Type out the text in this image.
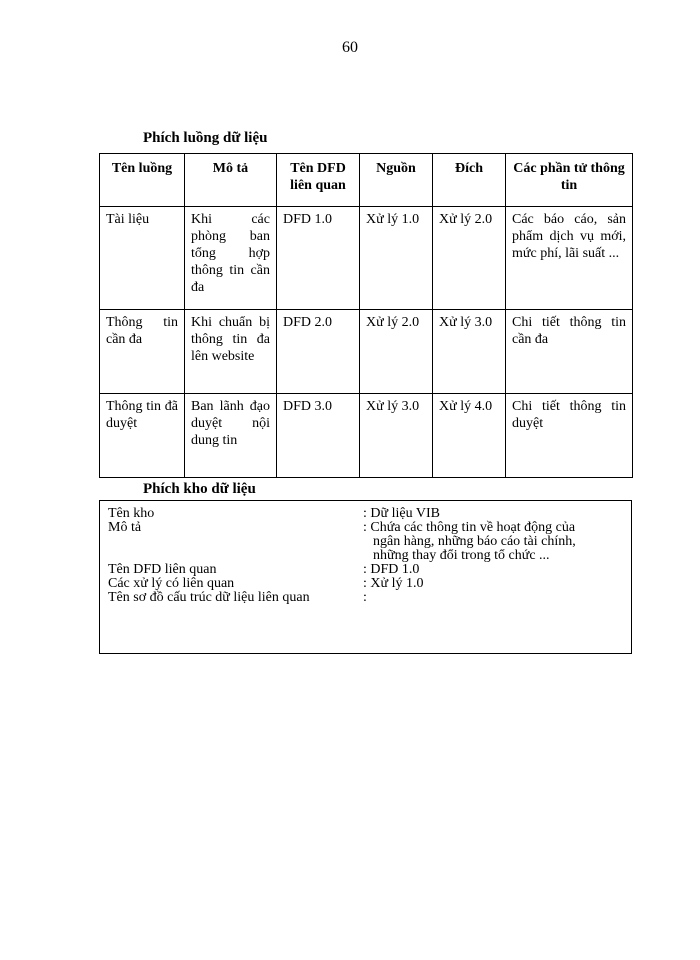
60
Phích luồng dữ liệu
Tên luồng	Mô tả	Tên DFD liên quan	Nguồn	Đích	Các phần tử thông tin
Tài liệu	Khi các phòng ban tổng hợp thông tin cần đa	DFD 1.0	Xử lý 1.0	Xử lý 2.0	Các báo cáo, sản phẩm dịch vụ mới, mức phí, lãi suất ...
Thông tin cần đa	Khi chuẩn bị thông tin đa lên website	DFD 2.0	Xử lý 2.0	Xử lý 3.0	Chi tiết thông tin cần đa
Thông tin đã duyệt	Ban lãnh đạo duyệt nội dung tin	DFD 3.0	Xử lý 3.0	Xử lý 4.0	Chi tiết thông tin duyệt
Phích kho dữ liệu
Tên kho	: Dữ liệu VIB
Mô tả	: Chứa các thông tin về hoạt động của
ngân hàng, những báo cáo tài chính,
những thay đổi trong tổ chức ...
Tên DFD liên quan	: DFD 1.0
Các xử lý có liên quan	: Xử lý 1.0
Tên sơ đồ cấu trúc dữ liệu liên quan	:
